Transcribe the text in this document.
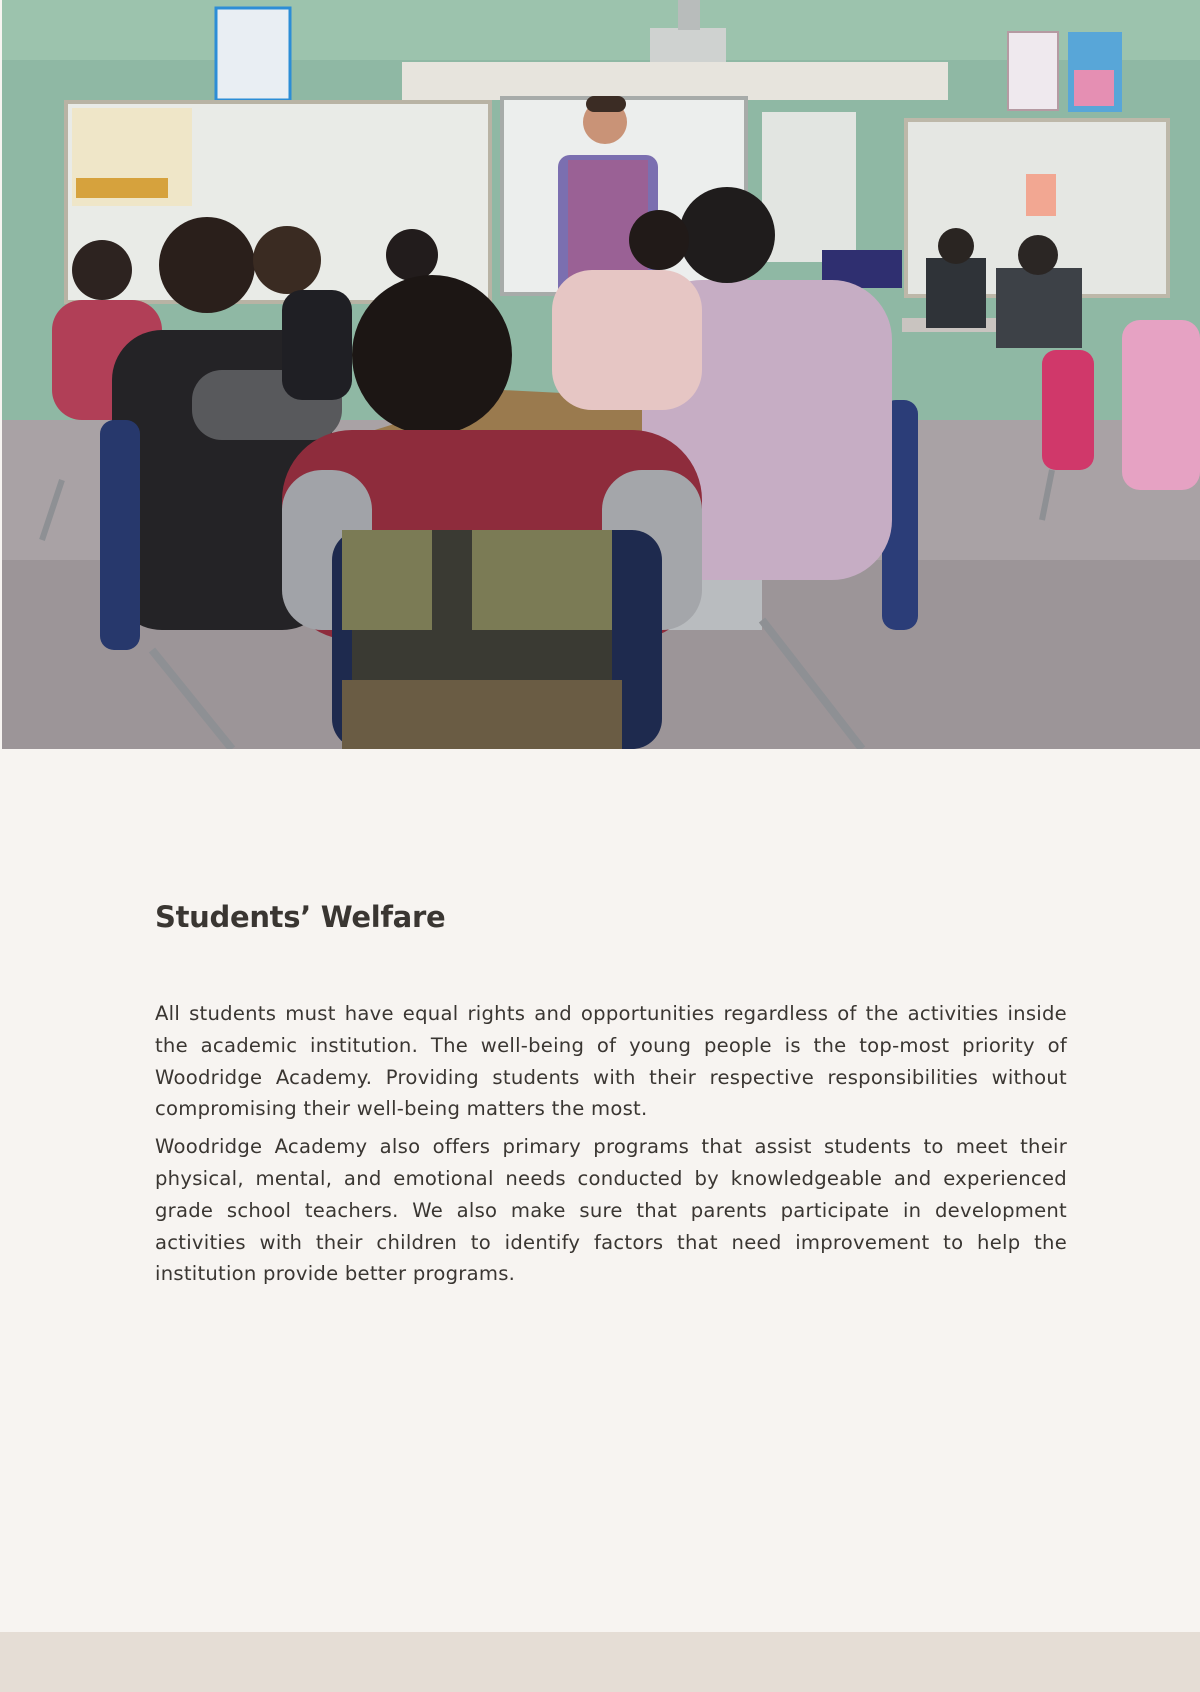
Students’ Welfare

All students must have equal rights and opportunities regardless of the activities inside the academic institution. The well-being of young people is the top-most priority of Woodridge Academy. Providing students with their respective responsibilities without compromising their well-being matters the most.

Woodridge Academy also offers primary programs that assist students to meet their physical, mental, and emotional needs conducted by knowledgeable and experienced grade school teachers. We also make sure that parents participate in development activities with their children to identify factors that need improvement to help the institution provide better programs.
